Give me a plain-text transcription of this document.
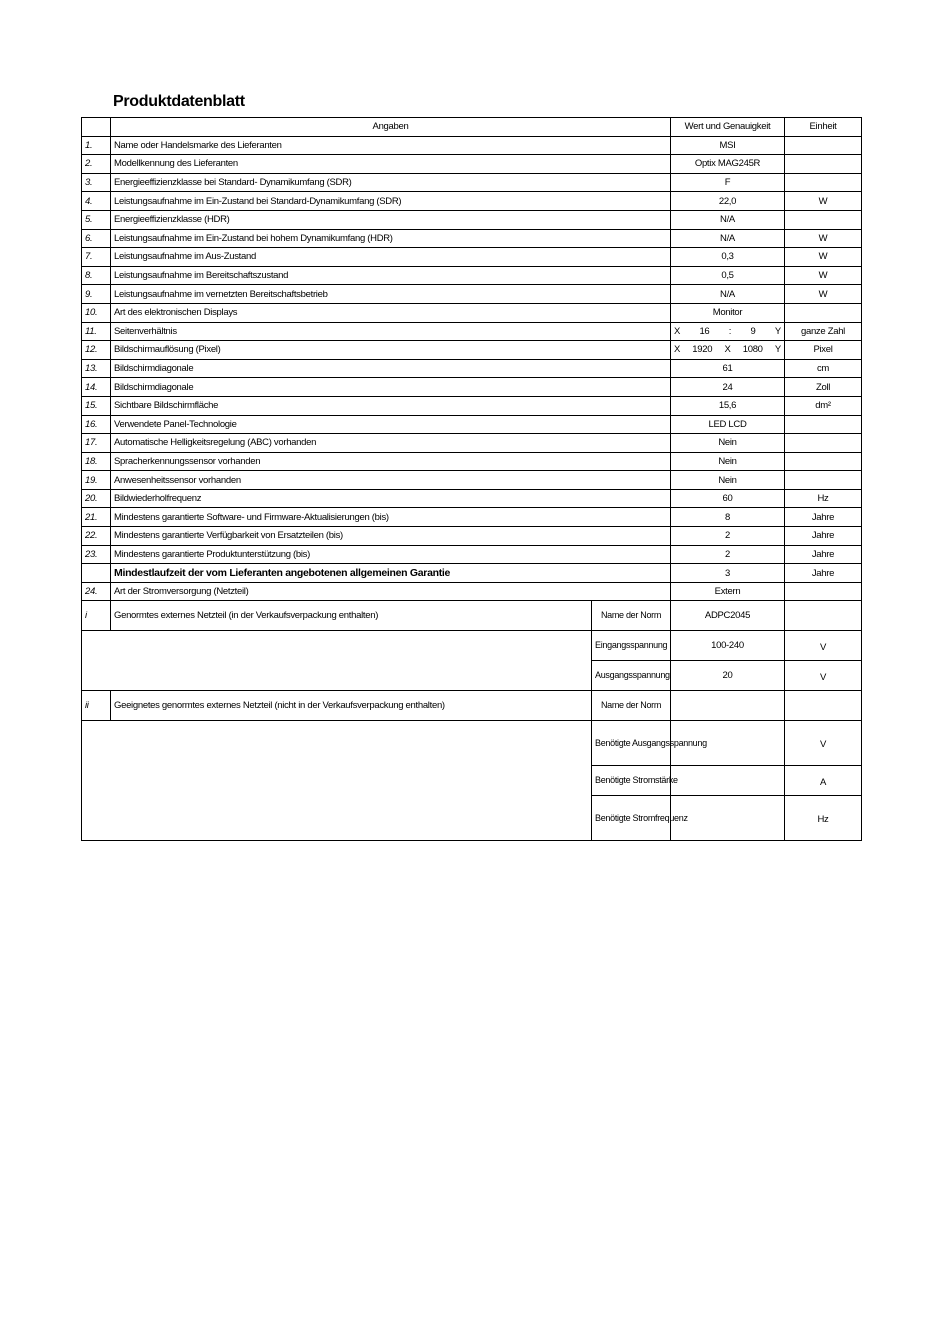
Produktdatenblatt
	Angaben		Wert und Genauigkeit	Einheit
1.	Name oder Handelsmarke des Lieferanten		MSI	
2.	Modellkennung des Lieferanten		Optix MAG245R	
3.	Energieeffizienzklasse bei Standard- Dynamikumfang (SDR)		F	
4.	Leistungsaufnahme im Ein-Zustand bei Standard-Dynamikumfang (SDR)		22,0	W
5.	Energieeffizienzklasse (HDR)		N/A	
6.	Leistungsaufnahme im Ein-Zustand bei hohem Dynamikumfang (HDR)		N/A	W
7.	Leistungsaufnahme im Aus-Zustand		0,3	W
8.	Leistungsaufnahme im Bereitschaftszustand		0,5	W
9.	Leistungsaufnahme im vernetzten Bereitschaftsbetrieb		N/A	W
10.	Art des elektronischen Displays		Monitor	
11.	Seitenverhältnis		X 16 : 9 Y	ganze Zahl
12.	Bildschirmauflösung (Pixel)		X 1920 X 1080 Y	Pixel
13.	Bildschirmdiagonale		61	cm
14.	Bildschirmdiagonale		24	Zoll
15.	Sichtbare Bildschirmfläche		15,6	dm²
16.	Verwendete Panel-Technologie		LED LCD	
17.	Automatische Helligkeitsregelung (ABC) vorhanden		Nein	
18.	Spracherkennungssensor vorhanden		Nein	
19.	Anwesenheitssensor vorhanden		Nein	
20.	Bildwiederholfrequenz		60	Hz
21.	Mindestens garantierte Software- und Firmware-Aktualisierungen (bis)		8	Jahre
22.	Mindestens garantierte Verfügbarkeit von Ersatzteilen (bis)		2	Jahre
23.	Mindestens garantierte Produktunterstützung (bis)		2	Jahre
	Mindestlaufzeit der vom Lieferanten angebotenen allgemeinen Garantie		3	Jahre
24.	Art der Stromversorgung (Netzteil)		Extern	
i	Genormtes externes Netzteil (in der Verkaufsverpackung enthalten)	Name der Norm	ADPC2045	
		Eingangsspannung	100-240	V
		Ausgangsspannung	20	V
ii	Geeignetes genormtes externes Netzteil (nicht in der Verkaufsverpackung enthalten)	Name der Norm		
		Benötigte Ausgangsspannung		V
		Benötigte Stromstärke		A
		Benötigte Stromfrequenz		Hz
